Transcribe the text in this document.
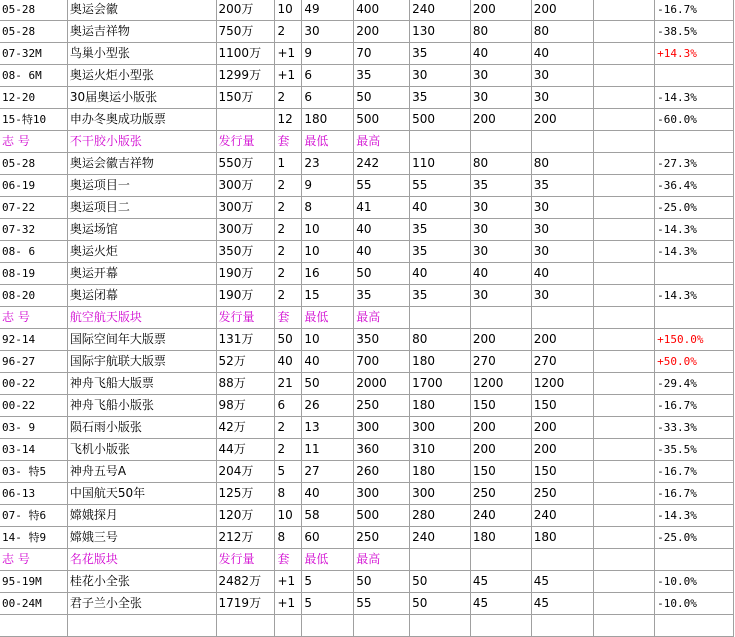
05-28	奥运会徽	200万	10	49	400	240	200	200		-16.7%
05-28	奥运吉祥物	750万	2	30	200	130	80	80		-38.5%
07-32M	鸟巢小型张	1100万	+1	9	70	35	40	40		+14.3%
08- 6M	奥运火炬小型张	1299万	+1	6	35	30	30	30		
12-20	30届奥运小版张	150万	2	6	50	35	30	30		-14.3%
15-特10	申办冬奥成功版票		12	180	500	500	200	200		-60.0%
志 号	不干胶小版张	发行量	套	最低	最高					
05-28	奥运会徽吉祥物	550万	1	23	242	110	80	80		-27.3%
06-19	奥运项目一	300万	2	9	55	55	35	35		-36.4%
07-22	奥运项目二	300万	2	8	41	40	30	30		-25.0%
07-32	奥运场馆	300万	2	10	40	35	30	30		-14.3%
08- 6	奥运火炬	350万	2	10	40	35	30	30		-14.3%
08-19	奥运开幕	190万	2	16	50	40	40	40		
08-20	奥运闭幕	190万	2	15	35	35	30	30		-14.3%
志 号	航空航天版块	发行量	套	最低	最高					
92-14	国际空间年大版票	131万	50	10	350	80	200	200		+150.0%
96-27	国际宇航联大版票	52万	40	40	700	180	270	270		+50.0%
00-22	神舟飞船大版票	88万	21	50	2000	1700	1200	1200		-29.4%
00-22	神舟飞船小版张	98万	6	26	250	180	150	150		-16.7%
03- 9	陨石雨小版张	42万	2	13	300	300	200	200		-33.3%
03-14	飞机小版张	44万	2	11	360	310	200	200		-35.5%
03- 特5	神舟五号A	204万	5	27	260	180	150	150		-16.7%
06-13	中国航天50年	125万	8	40	300	300	250	250		-16.7%
07- 特6	嫦娥探月	120万	10	58	500	280	240	240		-14.3%
14- 特9	嫦娥三号	212万	8	60	250	240	180	180		-25.0%
志 号	名花版块	发行量	套	最低	最高					
95-19M	桂花小全张	2482万	+1	5	50	50	45	45		-10.0%
00-24M	君子兰小全张	1719万	+1	5	55	50	45	45		-10.0%
